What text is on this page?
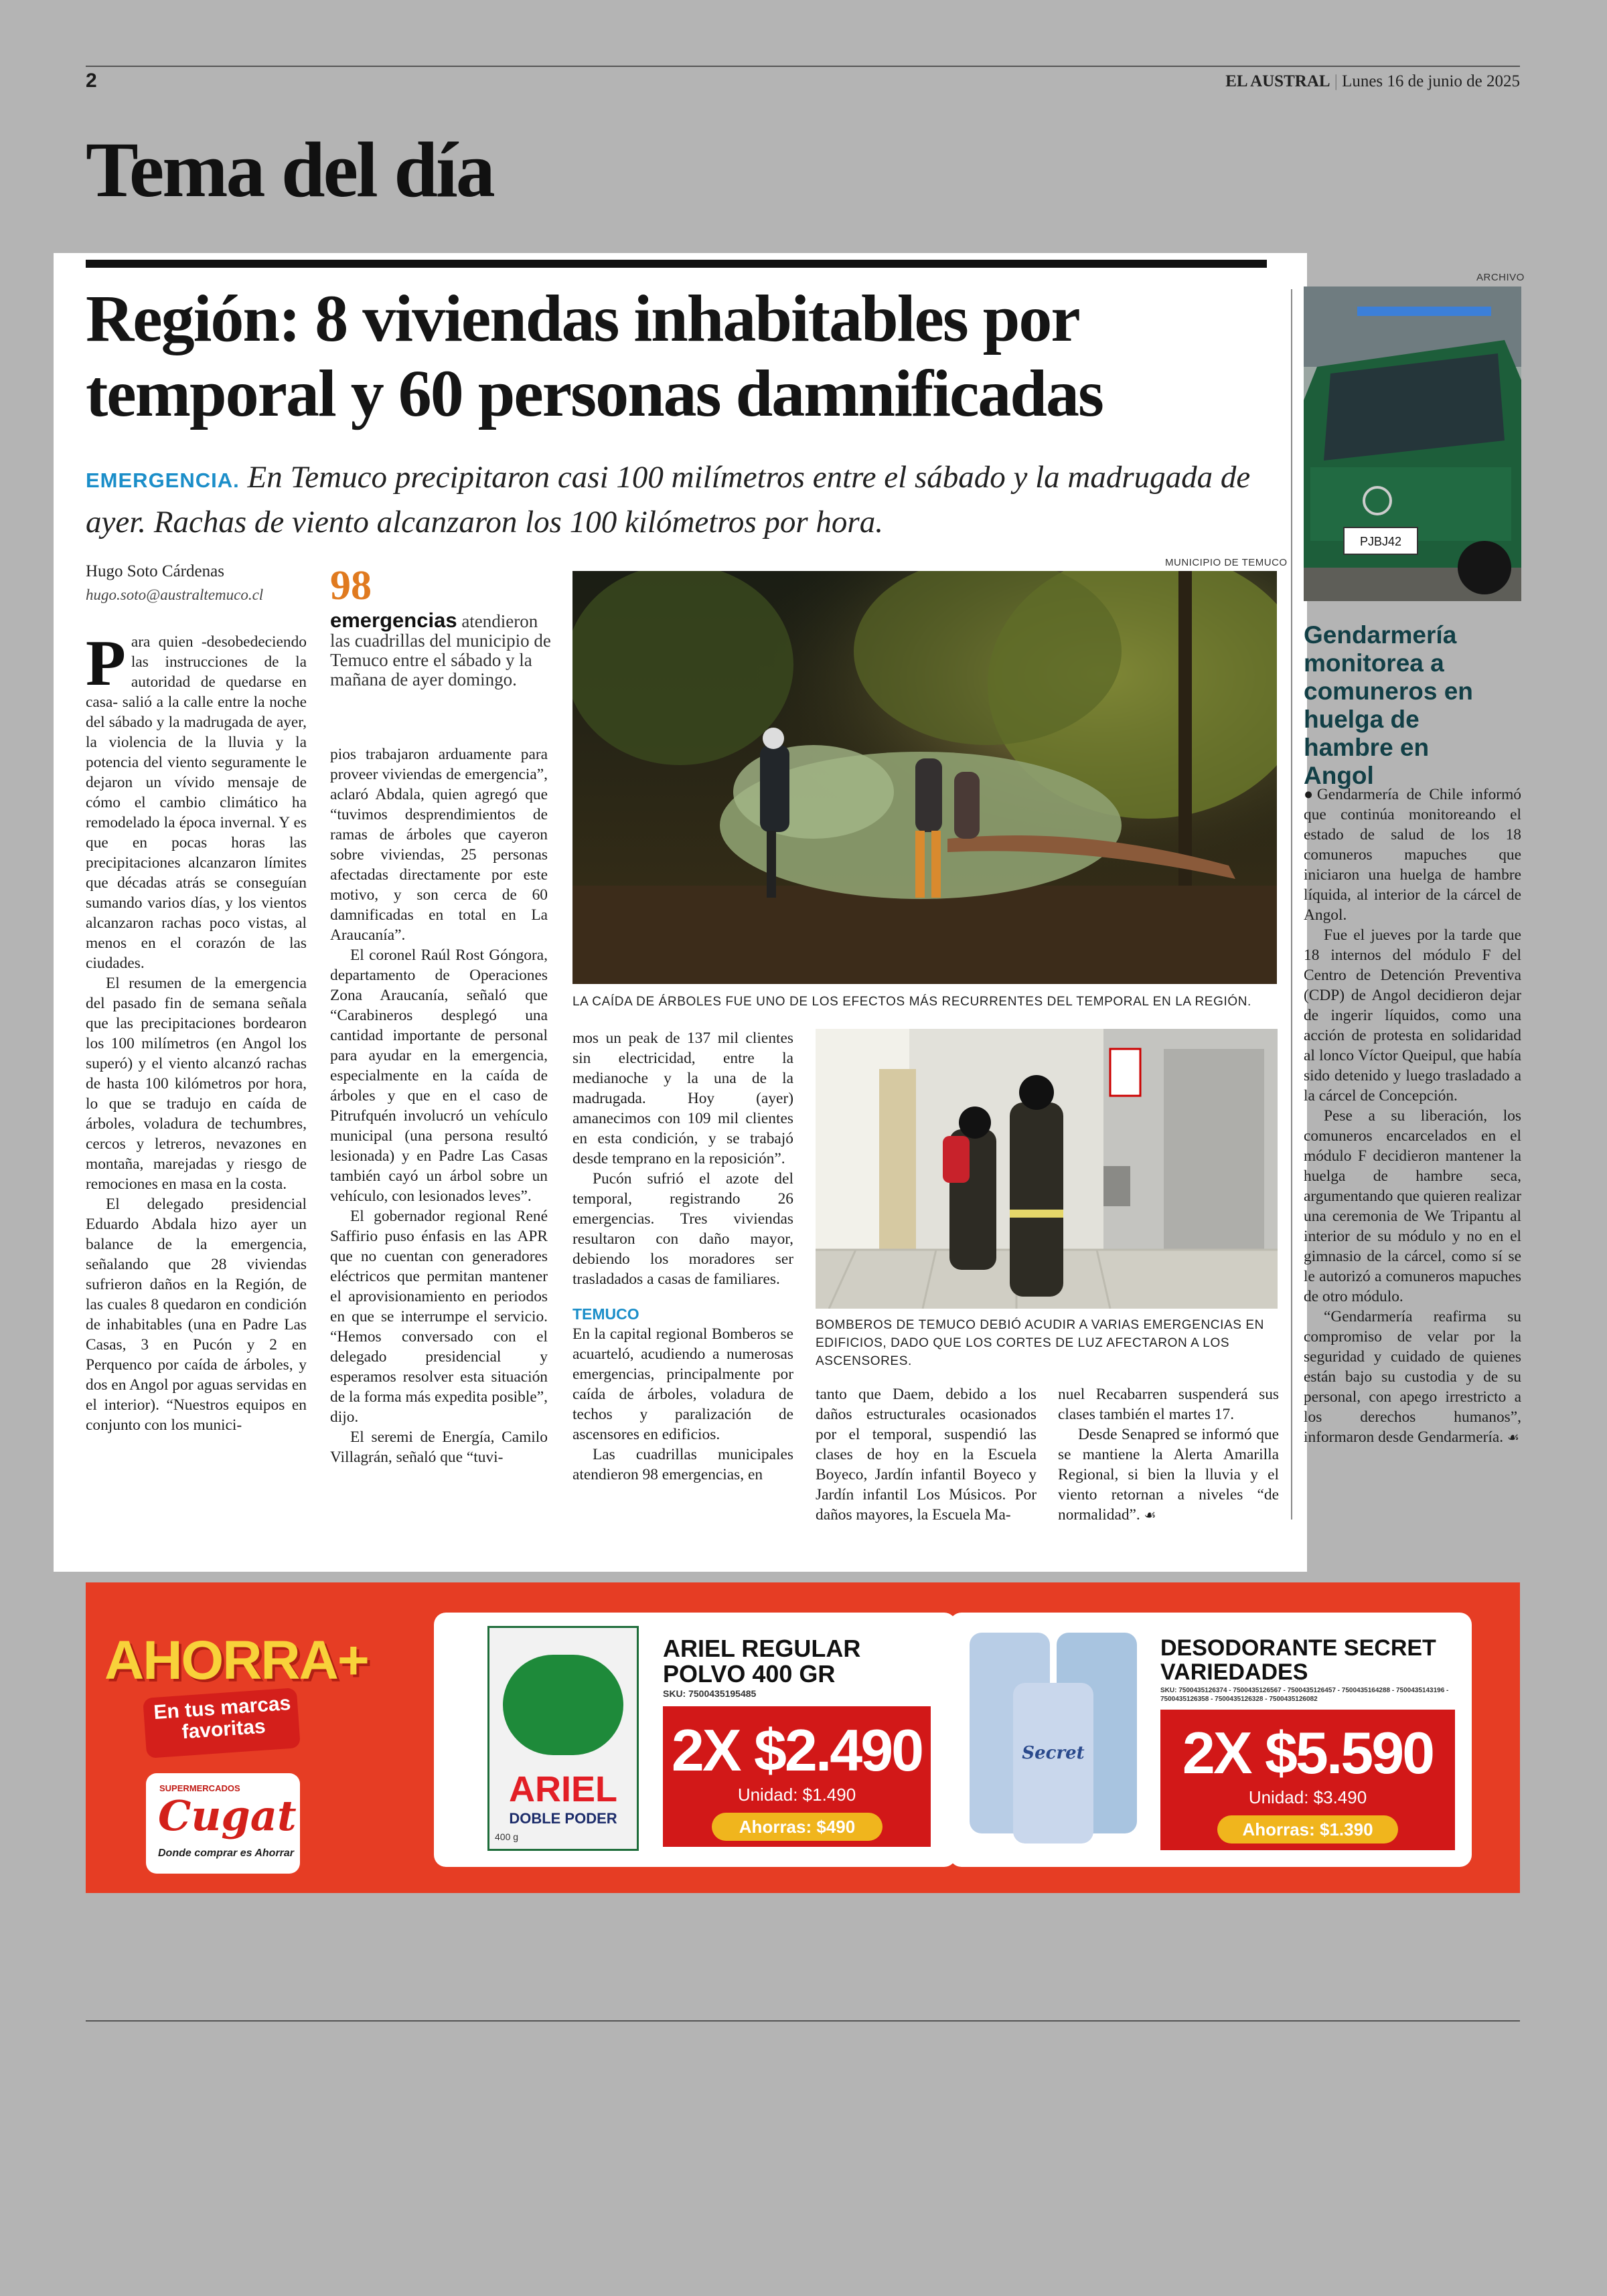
2	EL AUSTRAL | Lunes 16 de junio de 2025
Tema del día
Región: 8 viviendas inhabitables por temporal y 60 personas damnificadas
EMERGENCIA. En Temuco precipitaron casi 100 milímetros entre el sábado y la madrugada de ayer. Rachas de viento alcanzaron los 100 kilómetros por hora.
Hugo Soto Cárdenas
hugo.soto@australtemuco.cl

Para quien -desobedeciendo las instrucciones de la autoridad de quedarse en casa- salió a la calle entre la noche del sábado y la madrugada de ayer, la violencia de la lluvia y la potencia del viento seguramente le dejaron un vívido mensaje de cómo el cambio climático ha remodelado la época invernal. Y es que en pocas horas las precipitaciones alcanzaron límites que décadas atrás se conseguían sumando varios días, y los vientos alcanzaron rachas poco vistas, al menos en el corazón de las ciudades.

El resumen de la emergencia del pasado fin de semana señala que las precipitaciones bordearon los 100 milímetros (en Angol los superó) y el viento alcanzó rachas de hasta 100 kilómetros por hora, lo que se tradujo en caída de árboles, voladura de techumbres, cercos y letreros, nevazones en montaña, marejadas y riesgo de remociones en masa en la costa.

El delegado presidencial Eduardo Abdala hizo ayer un balance de la emergencia, señalando que 28 viviendas sufrieron daños en la Región, de las cuales 8 quedaron en condición de inhabitables (una en Padre Las Casas, 3 en Pucón y 2 en Perquenco por caída de árboles, y dos en Angol por aguas servidas en el interior). “Nuestros equipos en conjunto con los munici-

98
emergencias atendieron las cuadrillas del municipio de Temuco entre el sábado y la mañana de ayer domingo.

pios trabajaron arduamente para proveer viviendas de emergencia”, aclaró Abdala, quien agregó que “tuvimos desprendimientos de ramas de árboles que cayeron sobre viviendas, 25 personas afectadas directamente por este motivo, y son cerca de 60 damnificadas en total en La Araucanía”.

El coronel Raúl Rost Góngora, departamento de Operaciones Zona Araucanía, señaló que “Carabineros desplegó una cantidad importante de personal para ayudar en la emergencia, especialmente en la caída de árboles y que en el caso de Pitrufquén involucró un vehículo municipal (una persona resultó lesionada) y en Padre Las Casas también cayó un árbol sobre un vehículo, con lesionados leves”.

El gobernador regional René Saffirio puso énfasis en las APR que no cuentan con generadores eléctricos que permitan mantener el aprovisionamiento en periodos en que se interrumpe el servicio. “Hemos conversado con el delegado presidencial y esperamos resolver esta situación de la forma más expedita posible”, dijo.

El seremi de Energía, Camilo Villagrán, señaló que “tuvi-

MUNICIPIO DE TEMUCO
LA CAÍDA DE ÁRBOLES FUE UNO DE LOS EFECTOS MÁS RECURRENTES DEL TEMPORAL EN LA REGIÓN.

mos un peak de 137 mil clientes sin electricidad, entre la medianoche y la una de la madrugada. Hoy (ayer) amanecimos con 109 mil clientes en esta condición, y se trabajó desde temprano en la reposición”.

Pucón sufrió el azote del temporal, registrando 26 emergencias. Tres viviendas resultaron con daño mayor, debiendo los moradores ser trasladados a casas de familiares.

TEMUCO

En la capital regional Bomberos se acuarteló, acudiendo a numerosas emergencias, principalmente por caída de árboles, voladura de techos y paralización de ascensores en edificios.

Las cuadrillas municipales atendieron 98 emergencias, en

BOMBEROS DE TEMUCO DEBIÓ ACUDIR A VARIAS EMERGENCIAS EN EDIFICIOS, DADO QUE LOS CORTES DE LUZ AFECTARON A LOS ASCENSORES.

tanto que Daem, debido a los daños estructurales ocasionados por el temporal, suspendió las clases de hoy en la Escuela Boyeco, Jardín infantil Boyeco y Jardín infantil Los Músicos. Por daños mayores, la Escuela Ma-

nuel Recabarren suspenderá sus clases también el martes 17.

Desde Senapred se informó que se mantiene la Alerta Amarilla Regional, si bien la lluvia y el viento retornan a niveles “de normalidad”. ☙

ARCHIVO
PJBJ42
Gendarmería monitorea a comuneros en huelga de hambre en Angol

●Gendarmería de Chile informó que continúa monitoreando el estado de salud de los 18 comuneros mapuches que iniciaron una huelga de hambre líquida, al interior de la cárcel de Angol.

Fue el jueves por la tarde que 18 internos del módulo F del Centro de Detención Preventiva (CDP) de Angol decidieron dejar de ingerir líquidos, como una acción de protesta en solidaridad al lonco Víctor Queipul, que había sido detenido y luego trasladado a la cárcel de Concepción.

Pese a su liberación, los comuneros encarcelados en el módulo F decidieron mantener la huelga de hambre seca, argumentando que quieren realizar una ceremonia de We Tripantu al interior de su módulo y no en el gimnasio de la cárcel, como sí se le autorizó a comuneros mapuches de otro módulo.

“Gendarmería reafirma su compromiso de velar por la seguridad y cuidado de quienes están bajo su custodia y de su personal, con apego irrestricto a los derechos humanos”, informaron desde Gendarmería. ☙

AHORRA+
En tus marcas favoritas
SUPERMERCADOS
Cugat
Donde comprar es Ahorrar
ARIEL
DOBLE PODER
400 g
ARIEL REGULAR POLVO 400 GR
SKU: 7500435195485
2X $2.490
Unidad: $1.490
Ahorras: $490
Secret
DESODORANTE SECRET VARIEDADES
SKU: 7500435126374 - 7500435126567 - 7500435126457 - 7500435164288 - 7500435143196 - 7500435126358 - 7500435126328 - 7500435126082
2X $5.590
Unidad: $3.490
Ahorras: $1.390
